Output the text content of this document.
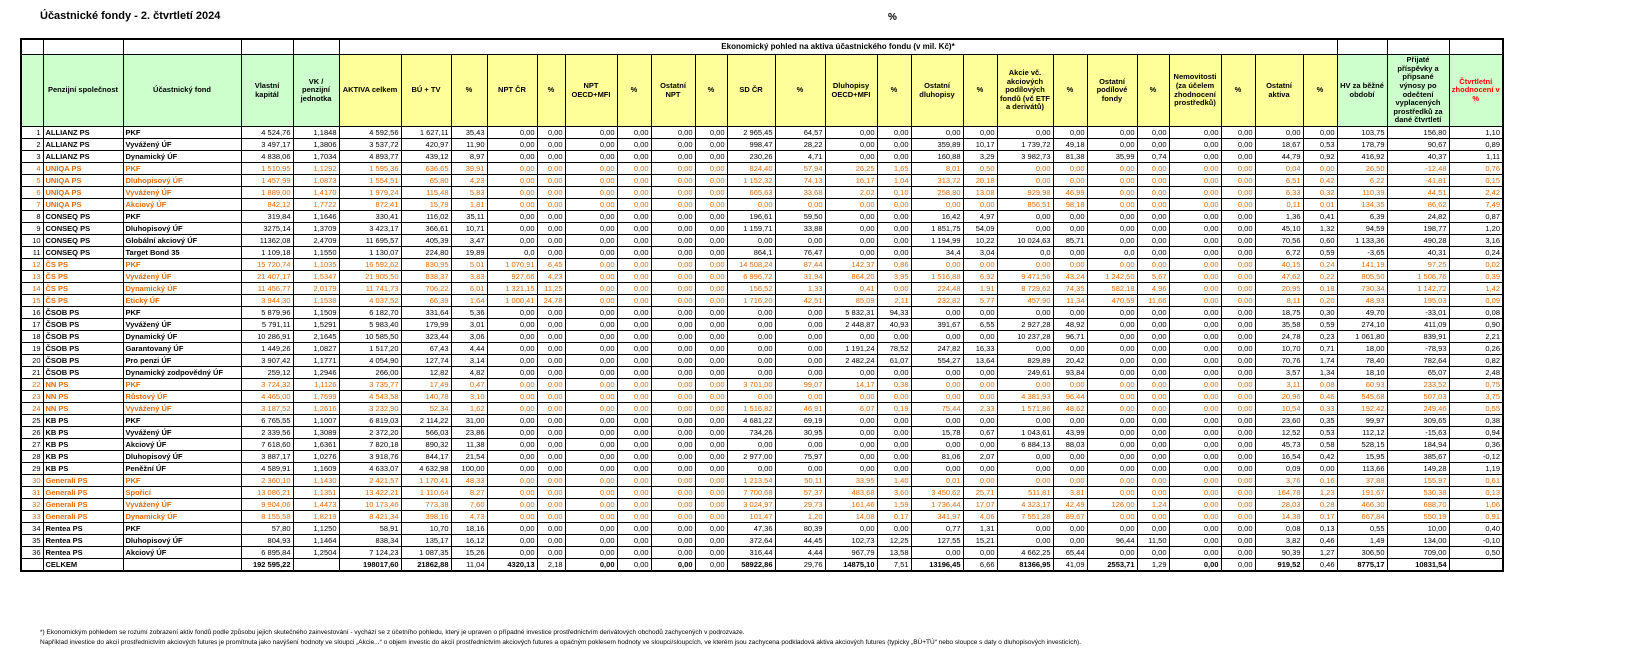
Účastnické fondy - 2. čtvrtletí 2024	%
					Ekonomický pohled na aktiva účastnického fondu (v mil. Kč)*																									
	Penzijní společnost	Účastnický fond	Vlastní kapitál	VK / penzijní jednotka	AKTIVA celkem	BÚ + TV	%	NPT ČR	%	NPT OECD+MFI	%	Ostatní NPT	%	SD ČR	%	Dluhopisy OECD+MFI	%	Ostatní dluhopisy	%	Akcie vč. akciových podílových fondů (vč ETF a derivátů)	%	Ostatní podílové fondy	%	Nemovitosti (za účelem zhodnocení prostředků)	%	Ostatní aktiva	%	HV za běžné období	Přijaté příspěvky a připsané výnosy po odečtení vyplacených prostředků za dané čtvrtletí	Čtvrtletní zhodnocení v %
1	ALLIANZ PS	PKF	4 524,76	1,1848	4 592,56	1 627,11	35,43	0,00	0,00	0,00	0,00	0,00	0,00	2 965,45	64,57	0,00	0,00	0,00	0,00	0,00	0,00	0,00	0,00	0,00	0,00	0,00	0,00	103,75	156,80	1,10
2	ALLIANZ PS	Vyvážený ÚF	3 497,17	1,3806	3 537,72	420,97	11,90	0,00	0,00	0,00	0,00	0,00	0,00	998,47	28,22	0,00	0,00	359,89	10,17	1 739,72	49,18	0,00	0,00	0,00	0,00	18,67	0,53	178,79	90,67	0,89
3	ALLIANZ PS	Dynamický ÚF	4 838,06	1,7034	4 893,77	439,12	8,97	0,00	0,00	0,00	0,00	0,00	0,00	230,26	4,71	0,00	0,00	160,88	3,29	3 982,73	81,38	35,99	0,74	0,00	0,00	44,79	0,92	416,92	40,37	1,11
4	UNIQA PS	PKF	1 510,95	1,1292	1 595,36	636,65	39,91	0,00	0,00	0,00	0,00	0,00	0,00	824,40	57,94	26,25	1,65	8,01	0,50	0,00	0,00	0,00	0,00	0,00	0,00	0,04	0,00	26,50	-12,48	0,76
5	UNIQA PS	Dluhopisový ÚF	1 457,99	1,0873	1 554,51	65,80	4,23	0,00	0,00	0,00	0,00	0,00	0,00	1 152,32	74,13	16,17	1,04	313,72	20,18	0,00	0,00	0,00	0,00	0,00	0,00	6,51	0,42	6,22	-41,81	0,15
6	UNIQA PS	Vyvážený ÚF	1 889,00	1,4170	1 979,24	115,48	5,83	0,00	0,00	0,00	0,00	0,00	0,00	665,63	33,68	2,02	0,10	258,80	13,08	929,98	46,99	0,00	0,00	0,00	0,00	6,33	0,32	110,39	44,51	2,42
7	UNIQA PS	Akciový ÚF	842,12	1,7722	872,41	15,79	1,81	0,00	0,00	0,00	0,00	0,00	0,00	0,00	0,00	0,00	0,00	0,00	0,00	856,51	98,18	0,00	0,00	0,00	0,00	0,11	0,01	134,35	86,62	7,49
8	CONSEQ PS	PKF	319,84	1,1646	330,41	116,02	35,11	0,00	0,00	0,00	0,00	0,00	0,00	196,61	59,50	0,00	0,00	16,42	4,97	0,00	0,00	0,00	0,00	0,00	0,00	1,36	0,41	6,39	24,82	0,87
9	CONSEQ PS	Dluhopisový ÚF	3275,14	1,3709	3 423,17	366,61	10,71	0,00	0,00	0,00	0,00	0,00	0,00	1 159,71	33,88	0,00	0,00	1 851,75	54,09	0,00	0,00	0,00	0,00	0,00	0,00	45,10	1,32	94,59	198,77	1,20
10	CONSEQ PS	Globální akciový ÚF	11362,08	2,4709	11 695,57	405,39	3,47	0,00	0,00	0,00	0,00	0,00	0,00	0,00	0,00	0,00	0,00	1 194,99	10,22	10 024,63	85,71	0,00	0,00	0,00	0,00	70,56	0,60	1 133,36	490,28	3,16
11	CONSEQ PS	Target Bond 35	1 109,18	1,1550	1 130,07	224,80	19,89	0,0	0,00	0,00	0,00	0,00	0,00	864,1	76,47	0,00	0,00	34,4	3,04	0,0	0,00	0,0	0,00	0,00	0,00	6,72	0,59	-3,65	40,31	0,24
12	ČS PS	PKF	15 720,74	1,1035	16 592,62	830,95	5,01	1 070,91	6,45	0,00	0,00	0,00	0,00	14 508,24	87,44	142,37	0,86	0,00	0,00	0,00	0,00	0,00	0,00	0,00	0,00	40,15	0,24	141,19	97,25	0,02
13	ČS PS	Vyvážený ÚF	21 407,17	1,5347	21 905,50	838,37	3,83	927,66	4,23	0,00	0,00	0,00	0,00	6 996,72	31,94	864,20	3,95	1 516,88	6,92	9 471,56	43,24	1 242,50	5,67	0,00	0,00	47,62	0,22	805,50	1 506,76	0,39
14	ČS PS	Dynamický ÚF	11 456,77	2,0179	11 741,73	706,22	6,01	1 321,15	11,25	0,00	0,00	0,00	0,00	156,52	1,33	0,41	0,00	224,48	1,91	8 729,62	74,35	582,18	4,96	0,00	0,00	20,95	0,18	730,34	1 142,72	1,42
15	ČS PS	Etický ÚF	3 944,30	1,1538	4 037,52	66,39	1,64	1 000,41	24,78	0,00	0,00	0,00	0,00	1 716,20	42,51	85,09	2,11	232,82	5,77	457,90	11,34	470,59	11,66	0,00	0,00	8,11	0,20	48,93	195,03	0,09
16	ČSOB PS	PKF	5 879,96	1,1509	6 182,70	331,64	5,36	0,00	0,00	0,00	0,00	0,00	0,00	0,00	0,00	5 832,31	94,33	0,00	0,00	0,00	0,00	0,00	0,00	0,00	0,00	18,75	0,30	49,70	-33,01	0,08
17	ČSOB PS	Vyvážený ÚF	5 791,11	1,5291	5 983,40	179,99	3,01	0,00	0,00	0,00	0,00	0,00	0,00	0,00	0,00	2 448,87	40,93	391,67	6,55	2 927,28	48,92	0,00	0,00	0,00	0,00	35,58	0,59	274,10	411,09	0,90
18	ČSOB PS	Dynamický ÚF	10 286,91	2,1645	10 585,50	323,44	3,06	0,00	0,00	0,00	0,00	0,00	0,00	0,00	0,00	0,00	0,00	0,00	0,00	10 237,28	96,71	0,00	0,00	0,00	0,00	24,78	0,23	1 061,80	839,91	2,21
19	ČSOB PS	Garantovaný ÚF	1 449,26	1,0827	1 517,20	67,43	4,44	0,00	0,00	0,00	0,00	0,00	0,00	0,00	0,00	1 191,24	78,52	247,82	16,33	0,00	0,00	0,00	0,00	0,00	0,00	10,70	0,71	18,00	-78,93	0,26
20	ČSOB PS	Pro penzi ÚF	3 907,42	1,1771	4 054,90	127,74	3,14	0,00	0,00	0,00	0,00	0,00	0,00	0,00	0,00	2 482,24	61,07	554,27	13,64	829,89	20,42	0,00	0,00	0,00	0,00	70,76	1,74	78,40	782,64	0,82
21	ČSOB PS	Dynamický zodpovědný ÚF	259,12	1,2946	266,00	12,82	4,82	0,00	0,00	0,00	0,00	0,00	0,00	0,00	0,00	0,00	0,00	0,00	0,00	249,61	93,84	0,00	0,00	0,00	0,00	3,57	1,34	18,10	65,07	2,48
22	NN PS	PKF	3 724,32	1,1126	3 735,77	17,49	0,47	0,00	0,00	0,00	0,00	0,00	0,00	3 701,00	99,07	14,17	0,38	0,00	0,00	0,00	0,00	0,00	0,00	0,00	0,00	3,11	0,08	60,93	233,52	0,75
23	NN PS	Růstový ÚF	4 465,00	1,7699	4 543,58	140,78	3,10	0,00	0,00	0,00	0,00	0,00	0,00	0,00	0,00	0,00	0,00	0,00	0,00	4 381,93	96,44	0,00	0,00	0,00	0,00	20,96	0,46	545,68	507,03	3,75
24	NN PS	Vyvážený ÚF	3 187,52	1,2616	3 232,90	52,34	1,62	0,00	0,00	0,00	0,00	0,00	0,00	1 516,82	46,91	6,07	0,19	75,44	2,33	1 571,86	48,62	0,00	0,00	0,00	0,00	10,54	0,33	192,42	249,46	0,55
25	KB PS	PKF	6 765,55	1,1007	6 819,03	2 114,22	31,00	0,00	0,00	0,00	0,00	0,00	0,00	4 681,22	69,19	0,00	0,00	0,00	0,00	0,00	0,00	0,00	0,00	0,00	0,00	23,60	0,35	99,97	309,65	0,38
26	KB PS	Vyvážený ÚF	2 339,56	1,3089	2 372,20	566,03	23,86	0,00	0,00	0,00	0,00	0,00	0,00	734,26	30,95	0,00	0,00	15,78	0,67	1 043,61	43,99	0,00	0,00	0,00	0,00	12,52	0,53	112,12	-15,63	0,94
27	KB PS	Akciový ÚF	7 618,60	1,6361	7 820,18	890,32	11,38	0,00	0,00	0,00	0,00	0,00	0,00	0,00	0,00	0,00	0,00	0,00	0,00	6 884,13	88,03	0,00	0,00	0,00	0,00	45,73	0,58	528,15	184,94	0,36
28	KB PS	Dluhopisový ÚF	3 887,17	1,0276	3 918,76	844,17	21,54	0,00	0,00	0,00	0,00	0,00	0,00	2 977,00	75,97	0,00	0,00	81,06	2,07	0,00	0,00	0,00	0,00	0,00	0,00	16,54	0,42	15,95	385,67	-0,12
29	KB PS	Peněžní ÚF	4 589,91	1,1609	4 633,07	4 632,98	100,00	0,00	0,00	0,00	0,00	0,00	0,00	0,00	0,00	0,00	0,00	0,00	0,00	0,00	0,00	0,00	0,00	0,00	0,00	0,09	0,00	113,66	149,28	1,19
30	Generali PS	PKF	2 360,10	1,1430	2 421,57	1 170,41	48,33	0,00	0,00	0,00	0,00	0,00	0,00	1 213,54	50,11	33,95	1,40	0,01	0,00	0,00	0,00	0,00	0,00	0,00	0,00	3,76	0,16	37,88	155,97	0,61
31	Generali PS	Spořicí	13 086,21	1,1351	13 422,21	1 110,64	8,27	0,00	0,00	0,00	0,00	0,00	0,00	7 700,68	57,37	483,68	3,60	3 450,62	25,71	511,81	3,81	0,00	0,00	0,00	0,00	164,78	1,23	191,67	530,38	0,13
32	Generali PS	Vyvážený ÚF	9 904,06	1,4473	10 173,46	773,38	7,60	0,00	0,00	0,00	0,00	0,00	0,00	3 024,97	29,73	161,46	1,59	1 736,44	17,07	4 323,17	42,49	126,00	1,24	0,00	0,00	28,03	0,28	466,30	688,70	1,06
33	Generali PS	Dynamický ÚF	8 155,58	1,8219	8 421,34	398,16	4,73	0,00	0,00	0,00	0,00	0,00	0,00	101,47	1,20	14,08	0,17	341,97	4,06	7 551,28	89,67	0,00	0,00	0,00	0,00	14,38	0,17	667,84	550,19	0,91
34	Rentea PS	PKF	57,80	1,1250	58,91	10,70	18,16	0,00	0,00	0,00	0,00	0,00	0,00	47,36	80,39	0,00	0,00	0,77	1,31	0,00	0,00	0,00	0,00	0,00	0,00	0,08	0,13	0,55	10,00	0,40
35	Rentea PS	Dluhopisový ÚF	804,93	1,1464	838,34	135,17	16,12	0,00	0,00	0,00	0,00	0,00	0,00	372,64	44,45	102,73	12,25	127,55	15,21	0,00	0,00	96,44	11,50	0,00	0,00	3,82	0,46	1,49	134,00	-0,10
36	Rentea PS	Akciový ÚF	6 895,84	1,2504	7 124,23	1 087,35	15,26	0,00	0,00	0,00	0,00	0,00	0,00	316,44	4,44	967,79	13,58	0,00	0,00	4 662,25	65,44	0,00	0,00	0,00	0,00	90,39	1,27	306,50	709,00	0,50
	CELKEM		192 595,22		198017,60	21862,88	11,04	4320,13	2,18	0,00	0,00	0,00	0,00	58922,86	29,76	14875,10	7,51	13196,45	6,66	81366,95	41,09	2553,71	1,29	0,00	0,00	919,52	0,46	8775,17	10831,54	
*) Ekonomickým pohledem se rozumí zobrazení aktiv fondů podle způsobu jejich skutečného zainvestování - vychází se z účetního pohledu, který je upraven o případné investice prostřednictvím derivátových obchodů zachycených v podrozvaze.
Například investice do akcií prostřednictvím akciových futures je promítnuta jako navýšení hodnoty ve sloupci „Akcie...“ o objem investic do akcií prostřednictvím akciových futures a opačným poklesem hodnoty ve sloupci/sloupcích, ve kterém jsou zachycena podkladová aktiva akciových futures (typicky „BÚ+TÚ“ nebo sloupce s daty o dluhopisových investicích).
